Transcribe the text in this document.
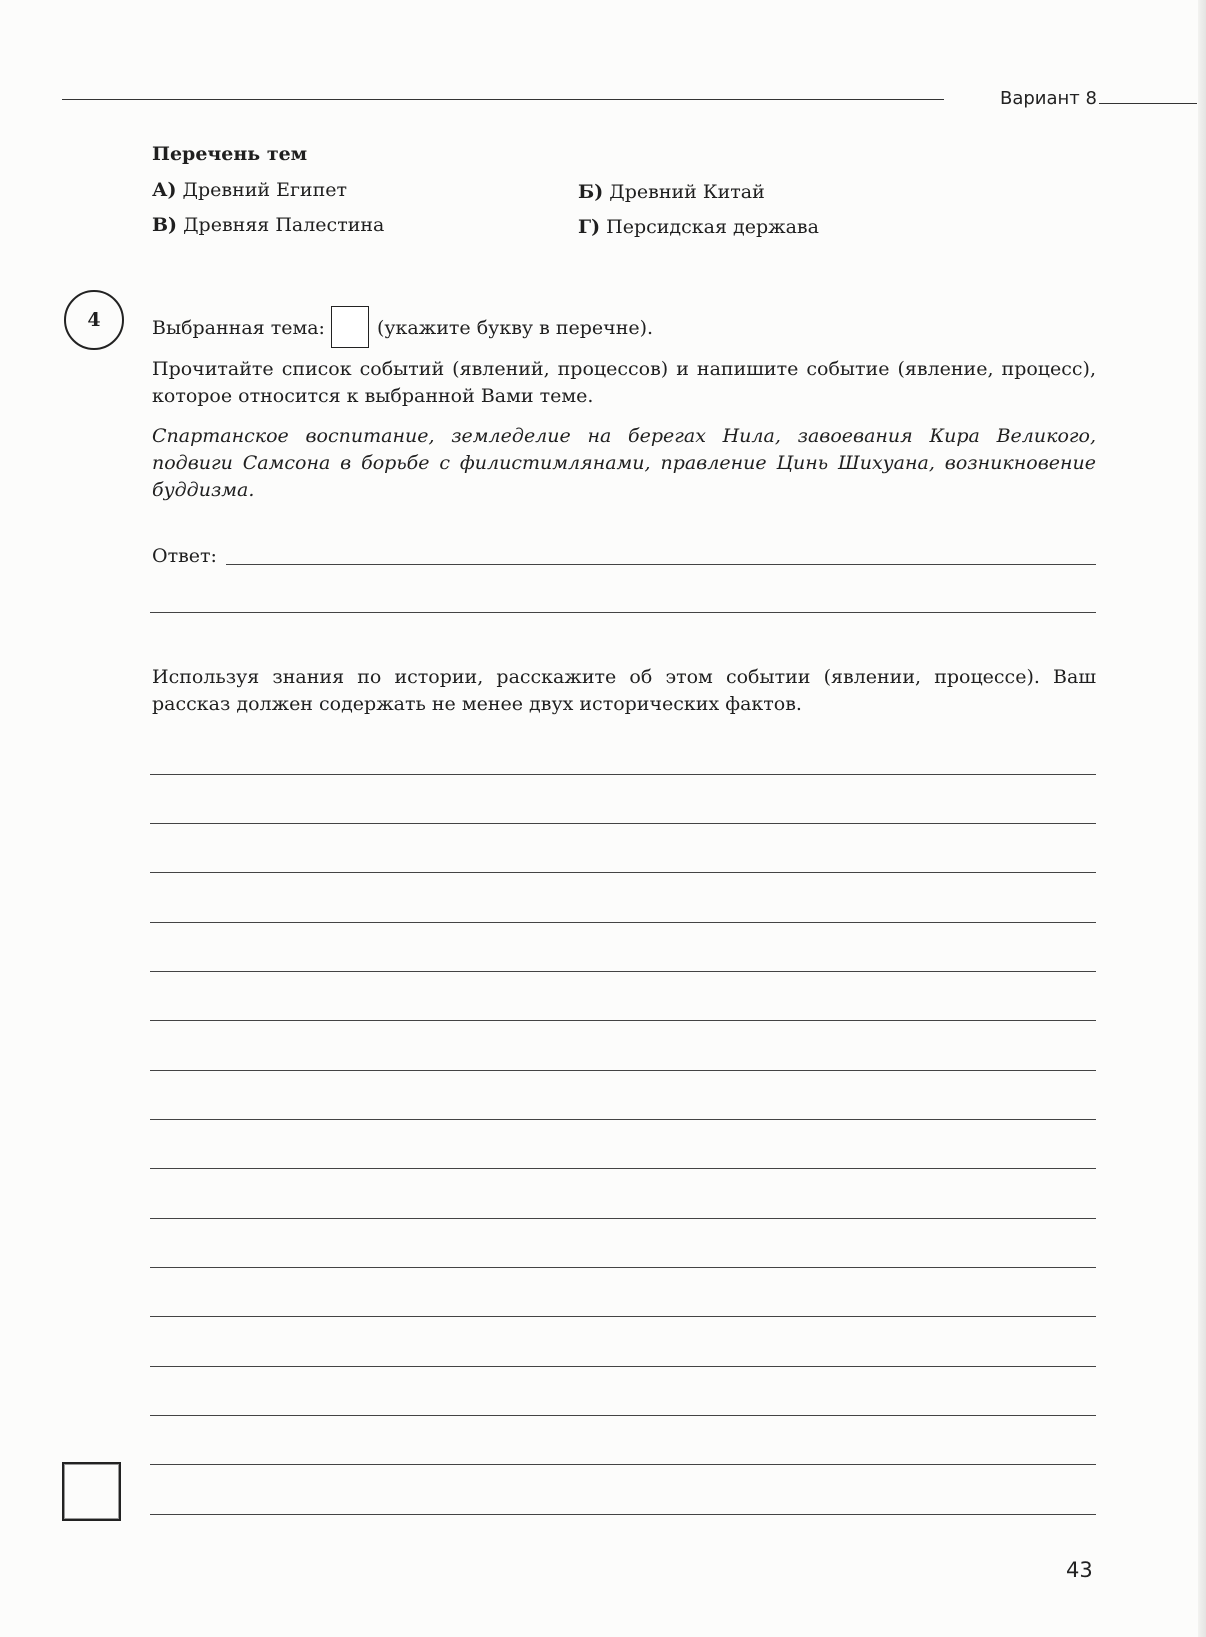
Вариант 8
Перечень тем
А) Древний Египет	Б) Древний Китай
В) Древняя Палестина	Г) Персидская держава
4	Выбранная тема:	(укажите букву в перечне).
Прочитайте список событий (явлений, процессов) и напишите событие (явление, процесс), которое относится к выбранной Вами теме.
Спартанское воспитание, земледелие на берегах Нила, завоевания Кира Великого, подвиги Самсона в борьбе с филистимлянами, правление Цинь Шихуана, возникновение буддизма.
Ответ:
Используя знания по истории, расскажите об этом событии (явлении, процессе). Ваш рассказ должен содержать не менее двух исторических фактов.
43
